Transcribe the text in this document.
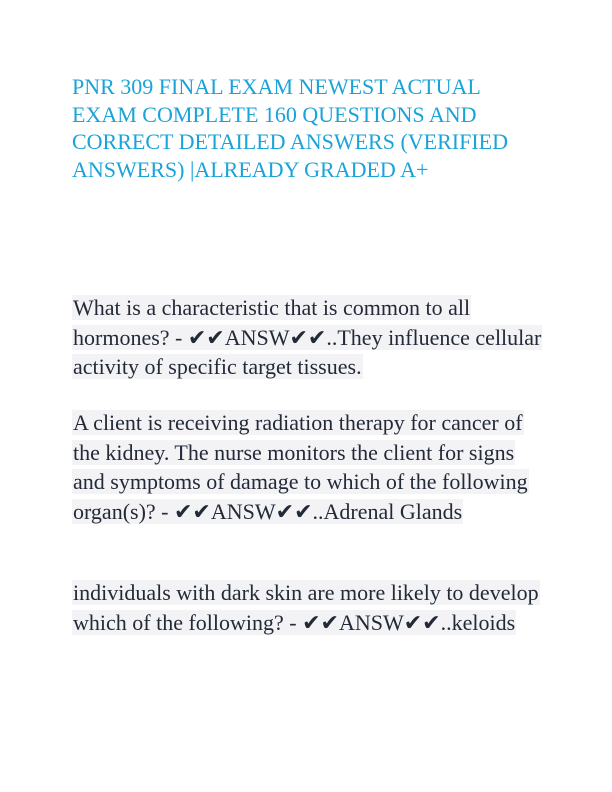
PNR 309 FINAL EXAM NEWEST ACTUAL EXAM COMPLETE 160 QUESTIONS AND CORRECT DETAILED ANSWERS (VERIFIED ANSWERS) |ALREADY GRADED A+

What is a characteristic that is common to all hormones? - ✔✔ANSW✔✔..They influence cellular activity of specific target tissues.

A client is receiving radiation therapy for cancer of the kidney. The nurse monitors the client for signs and symptoms of damage to which of the following organ(s)? - ✔✔ANSW✔✔..Adrenal Glands

individuals with dark skin are more likely to develop which of the following? - ✔✔ANSW✔✔..keloids
